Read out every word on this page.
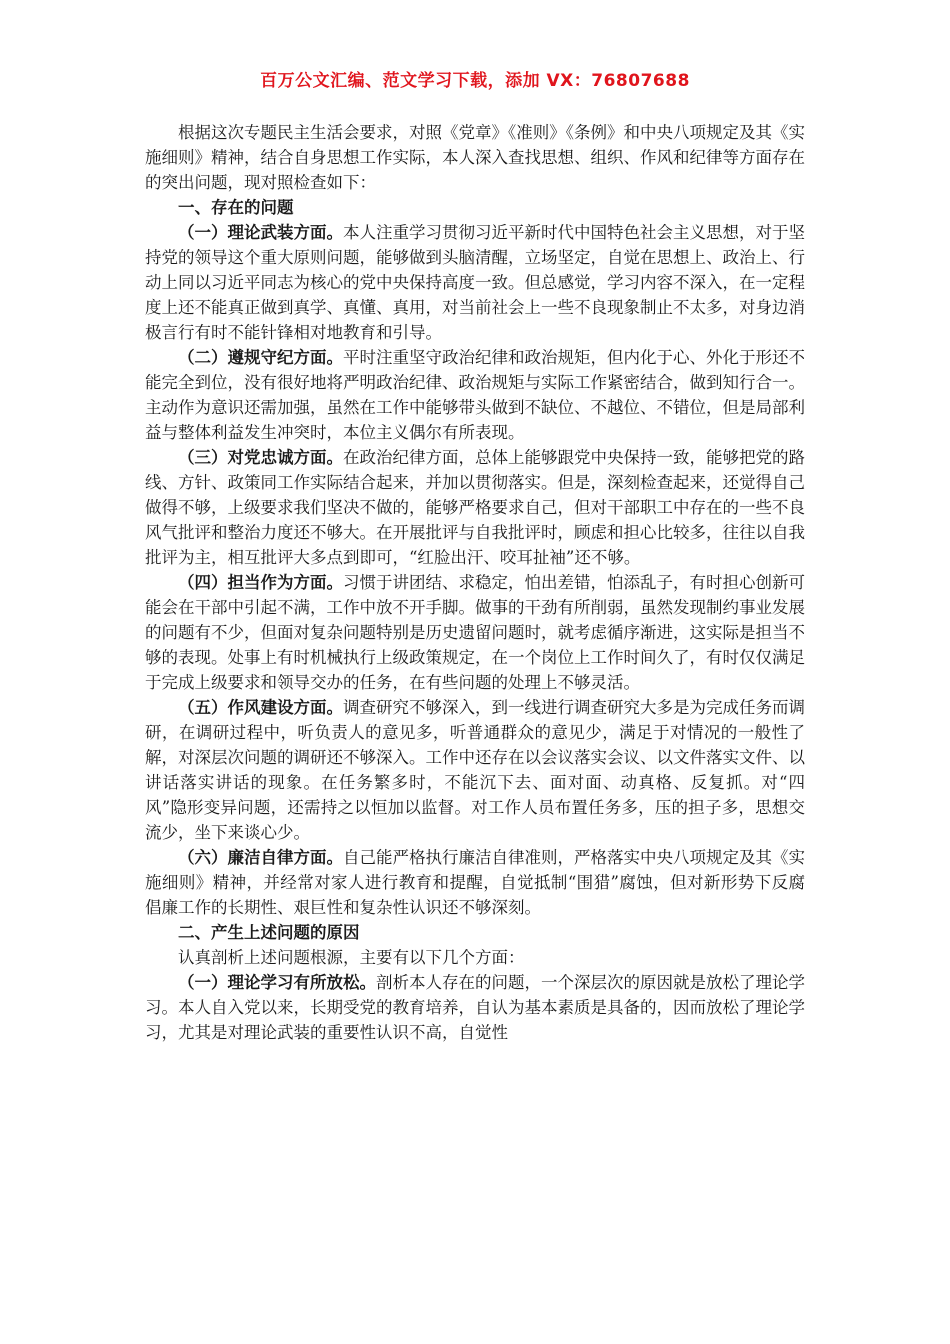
百万公文汇编、范文学习下载，添加 VX：76807688

根据这次专题民主生活会要求，对照《党章》《准则》《条例》和中央八项规定及其《实施细则》精神，结合自身思想工作实际，本人深入查找思想、组织、作风和纪律等方面存在的突出问题，现对照检查如下：

一、存在的问题

（一）理论武装方面。本人注重学习贯彻习近平新时代中国特色社会主义思想，对于坚持党的领导这个重大原则问题，能够做到头脑清醒，立场坚定，自觉在思想上、政治上、行动上同以习近平同志为核心的党中央保持高度一致。但总感觉，学习内容不深入，在一定程度上还不能真正做到真学、真懂、真用，对当前社会上一些不良现象制止不太多，对身边消极言行有时不能针锋相对地教育和引导。

（二）遵规守纪方面。平时注重坚守政治纪律和政治规矩，但内化于心、外化于形还不能完全到位，没有很好地将严明政治纪律、政治规矩与实际工作紧密结合，做到知行合一。主动作为意识还需加强，虽然在工作中能够带头做到不缺位、不越位、不错位，但是局部利益与整体利益发生冲突时，本位主义偶尔有所表现。

（三）对党忠诚方面。在政治纪律方面，总体上能够跟党中央保持一致，能够把党的路线、方针、政策同工作实际结合起来，并加以贯彻落实。但是，深刻检查起来，还觉得自己做得不够，上级要求我们坚决不做的，能够严格要求自己，但对干部职工中存在的一些不良风气批评和整治力度还不够大。在开展批评与自我批评时，顾虑和担心比较多，往往以自我批评为主，相互批评大多点到即可，“红脸出汗、咬耳扯袖”还不够。

（四）担当作为方面。习惯于讲团结、求稳定，怕出差错，怕添乱子，有时担心创新可能会在干部中引起不满，工作中放不开手脚。做事的干劲有所削弱，虽然发现制约事业发展的问题有不少，但面对复杂问题特别是历史遗留问题时，就考虑循序渐进，这实际是担当不够的表现。处事上有时机械执行上级政策规定，在一个岗位上工作时间久了，有时仅仅满足于完成上级要求和领导交办的任务，在有些问题的处理上不够灵活。

（五）作风建设方面。调查研究不够深入，到一线进行调查研究大多是为完成任务而调研，在调研过程中，听负责人的意见多，听普通群众的意见少，满足于对情况的一般性了解，对深层次问题的调研还不够深入。工作中还存在以会议落实会议、以文件落实文件、以讲话落实讲话的现象。在任务繁多时，不能沉下去、面对面、动真格、反复抓。对“四风”隐形变异问题，还需持之以恒加以监督。对工作人员布置任务多，压的担子多，思想交流少，坐下来谈心少。

（六）廉洁自律方面。自己能严格执行廉洁自律准则，严格落实中央八项规定及其《实施细则》精神，并经常对家人进行教育和提醒，自觉抵制“围猎”腐蚀，但对新形势下反腐倡廉工作的长期性、艰巨性和复杂性认识还不够深刻。

二、产生上述问题的原因

认真剖析上述问题根源，主要有以下几个方面：

（一）理论学习有所放松。剖析本人存在的问题，一个深层次的原因就是放松了理论学习。本人自入党以来，长期受党的教育培养，自认为基本素质是具备的，因而放松了理论学习，尤其是对理论武装的重要性认识不高，自觉性
